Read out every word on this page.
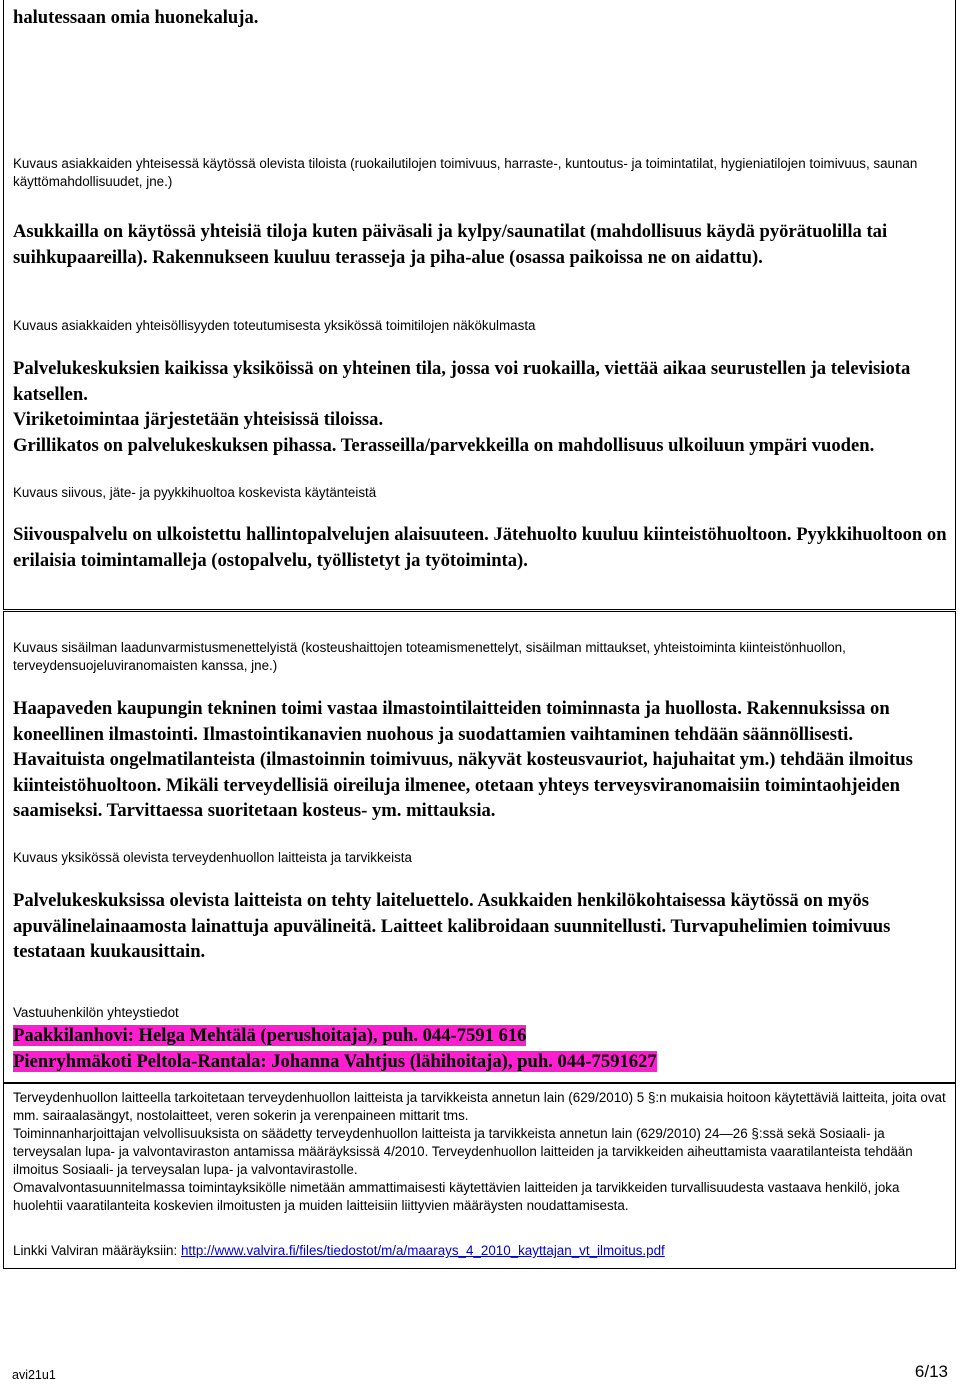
halutessaan omia huonekaluja.
Kuvaus asiakkaiden yhteisessä käytössä olevista tiloista (ruokailutilojen toimivuus, harraste-, kuntoutus- ja toimintatilat, hygieniatilojen toimivuus, saunan käyttömahdollisuudet, jne.)
Asukkailla on käytössä yhteisiä tiloja kuten päiväsali ja kylpy/saunatilat (mahdollisuus käydä pyörätuolilla tai suihkupaareilla). Rakennukseen kuuluu terasseja ja piha-alue (osassa paikoissa ne on aidattu).
Kuvaus asiakkaiden yhteisöllisyyden toteutumisesta yksikössä toimitilojen näkökulmasta

Palvelukeskuksien kaikissa yksiköissä on yhteinen tila, jossa voi ruokailla, viettää aikaa seurustellen ja televisiota katsellen.

Viriketoimintaa järjestetään yhteisissä tiloissa.

Grillikatos on palvelukeskuksen pihassa. Terasseilla/parvekkeilla on mahdollisuus ulkoiluun ympäri vuoden.

Kuvaus siivous, jäte- ja pyykkihuoltoa koskevista käytänteistä
Siivouspalvelu on ulkoistettu hallintopalvelujen alaisuuteen. Jätehuolto kuuluu kiinteistöhuoltoon. Pyykkihuoltoon on erilaisia toimintamalleja (ostopalvelu, työllistetyt ja työtoiminta).
Kuvaus sisäilman laadunvarmistusmenettelyistä (kosteushaittojen toteamismenettelyt, sisäilman mittaukset, yhteistoiminta kiinteistönhuollon, terveydensuojeluviranomaisten kanssa, jne.)
Haapaveden kaupungin tekninen toimi vastaa ilmastointilaitteiden toiminnasta ja huollosta. Rakennuksissa on koneellinen ilmastointi. Ilmastointikanavien nuohous ja suodattamien vaihtaminen tehdään säännöllisesti. Havaituista ongelmatilanteista (ilmastoinnin toimivuus, näkyvät kosteusvauriot, hajuhaitat ym.) tehdään ilmoitus kiinteistöhuoltoon. Mikäli terveydellisiä oireiluja ilmenee, otetaan yhteys terveysviranomaisiin toimintaohjeiden saamiseksi. Tarvittaessa suoritetaan kosteus- ym. mittauksia.
Kuvaus yksikössä olevista terveydenhuollon laitteista ja tarvikkeista
Palvelukeskuksissa olevista laitteista on tehty laiteluettelo. Asukkaiden henkilökohtaisessa käytössä on myös apuvälinelainaamosta lainattuja apuvälineitä. Laitteet kalibroidaan suunnitellusti. Turvapuhelimien toimivuus testataan kuukausittain.
Vastuuhenkilön yhteystiedot

Paakkilanhovi: Helga Mehtälä (perushoitaja), puh. 044-7591 616

Pienryhmäkoti Peltola-Rantala: Johanna Vahtjus (lähihoitaja), puh. 044-7591627

Terveydenhuollon laitteella tarkoitetaan terveydenhuollon laitteista ja tarvikkeista annetun lain (629/2010) 5 §:n mukaisia hoitoon käytettäviä laitteita, joita ovat mm. sairaalasängyt, nostolaitteet, veren sokerin ja verenpaineen mittarit tms.

Toiminnanharjoittajan velvollisuuksista on säädetty terveydenhuollon laitteista ja tarvikkeista annetun lain (629/2010) 24—26 §:ssä sekä Sosiaali- ja terveysalan lupa- ja valvontaviraston antamissa määräyksissä 4/2010. Terveydenhuollon laitteiden ja tarvikkeiden aiheuttamista vaaratilanteista tehdään ilmoitus Sosiaali- ja terveysalan lupa- ja valvontavirastolle.

Omavalvontasuunnitelmassa toimintayksikölle nimetään ammattimaisesti käytettävien laitteiden ja tarvikkeiden turvallisuudesta vastaava henkilö, joka huolehtii vaaratilanteita koskevien ilmoitusten ja muiden laitteisiin liittyvien määräysten noudattamisesta.

Linkki Valviran määräyksiin: http://www.valvira.fi/files/tiedostot/m/a/maarays_4_2010_kayttajan_vt_ilmoitus.pdf
avi21u1	6/13
